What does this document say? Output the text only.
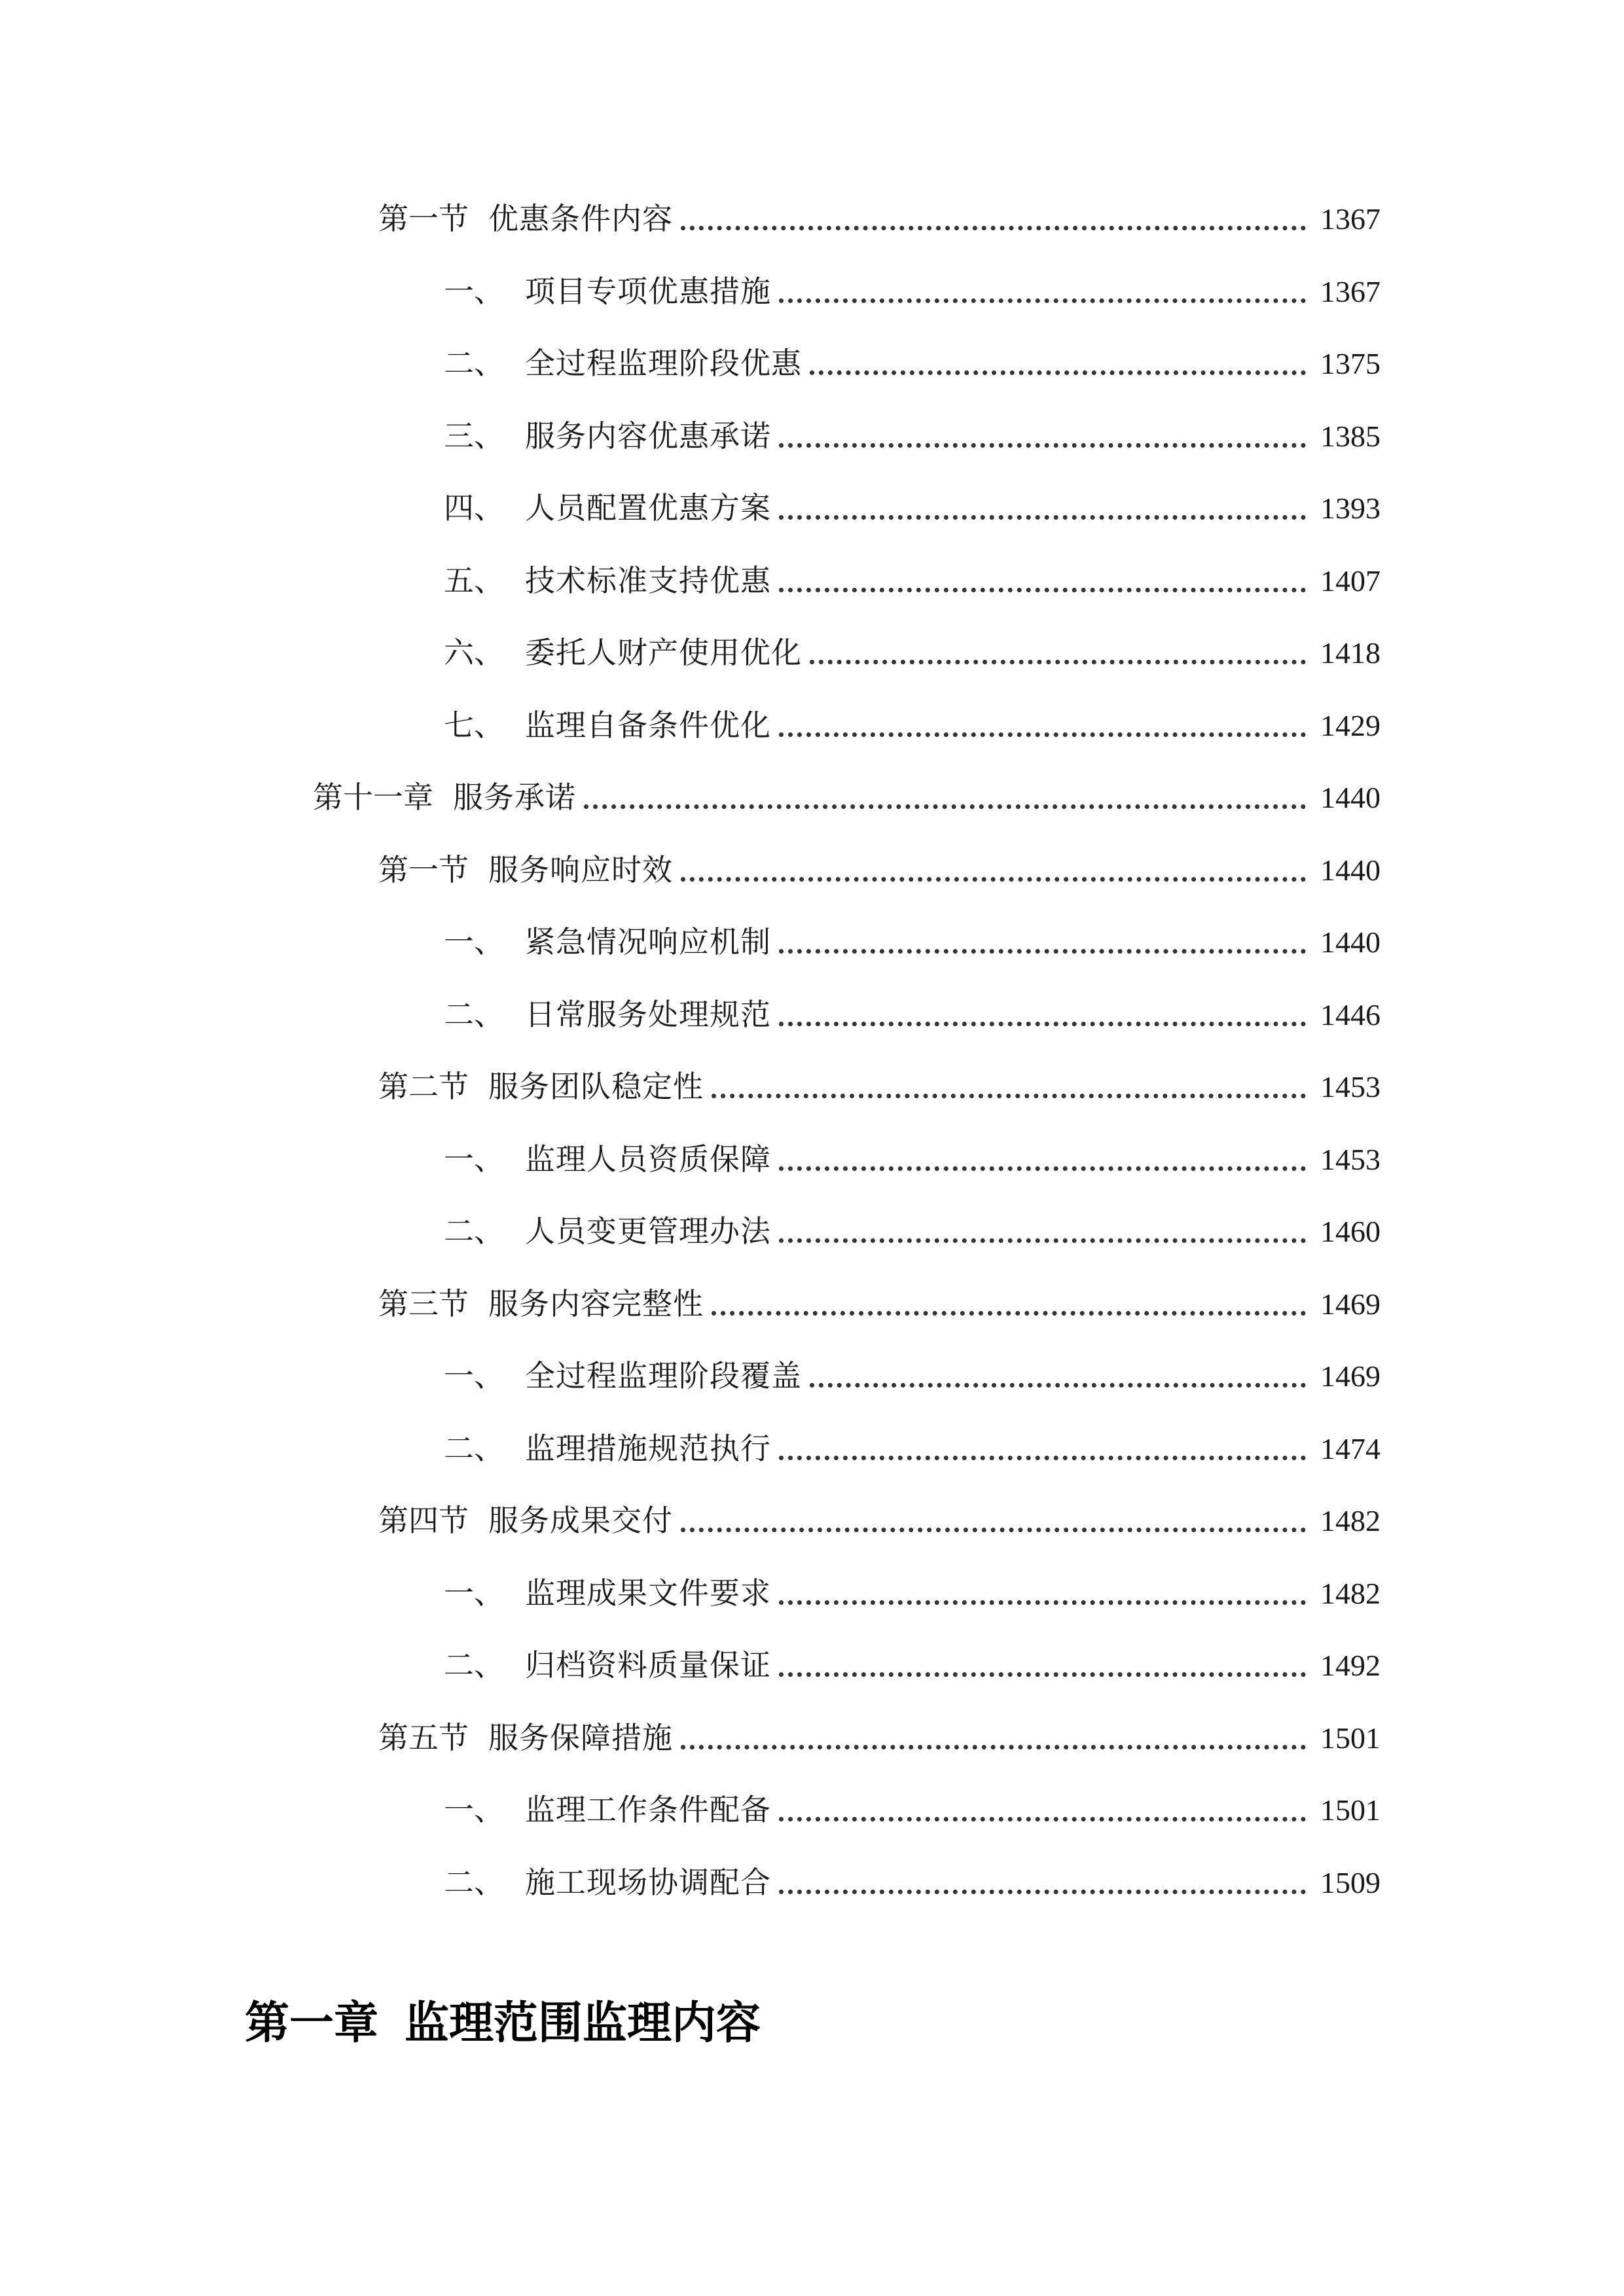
第一节 优惠条件内容	1367
一、 项目专项优惠措施	1367
二、 全过程监理阶段优惠	1375
三、 服务内容优惠承诺	1385
四、 人员配置优惠方案	1393
五、 技术标准支持优惠	1407
六、 委托人财产使用优化	1418
七、 监理自备条件优化	1429
第十一章 服务承诺	1440
第一节 服务响应时效	1440
一、 紧急情况响应机制	1440
二、 日常服务处理规范	1446
第二节 服务团队稳定性	1453
一、 监理人员资质保障	1453
二、 人员变更管理办法	1460
第三节 服务内容完整性	1469
一、 全过程监理阶段覆盖	1469
二、 监理措施规范执行	1474
第四节 服务成果交付	1482
一、 监理成果文件要求	1482
二、 归档资料质量保证	1492
第五节 服务保障措施	1501
一、 监理工作条件配备	1501
二、 施工现场协调配合	1509
第一章 监理范围监理内容
